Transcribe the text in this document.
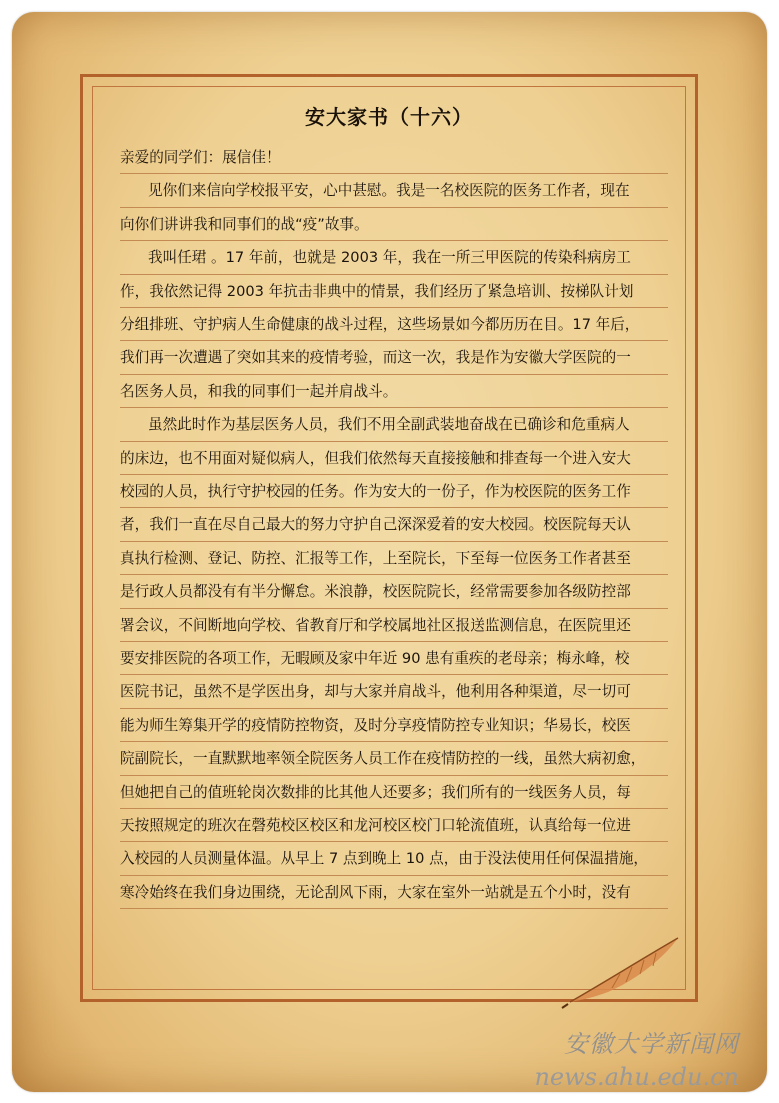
安大家书（十六）
亲爱的同学们：展信佳！
见你们来信向学校报平安，心中甚慰。我是一名校医院的医务工作者，现在
向你们讲讲我和同事们的战“疫”故事。
我叫任珺 。17 年前，也就是 2003 年，我在一所三甲医院的传染科病房工
作，我依然记得 2003 年抗击非典中的情景，我们经历了紧急培训、按梯队计划
分组排班、守护病人生命健康的战斗过程，这些场景如今都历历在目。17 年后，
我们再一次遭遇了突如其来的疫情考验，而这一次，我是作为安徽大学医院的一
名医务人员，和我的同事们一起并肩战斗。
虽然此时作为基层医务人员，我们不用全副武装地奋战在已确诊和危重病人
的床边，也不用面对疑似病人，但我们依然每天直接接触和排查每一个进入安大
校园的人员，执行守护校园的任务。作为安大的一份子，作为校医院的医务工作
者，我们一直在尽自己最大的努力守护自己深深爱着的安大校园。校医院每天认
真执行检测、登记、防控、汇报等工作，上至院长，下至每一位医务工作者甚至
是行政人员都没有有半分懈怠。米浪静，校医院院长，经常需要参加各级防控部
署会议，不间断地向学校、省教育厅和学校属地社区报送监测信息，在医院里还
要安排医院的各项工作，无暇顾及家中年近 90 患有重疾的老母亲；梅永峰，校
医院书记，虽然不是学医出身，却与大家并肩战斗，他利用各种渠道，尽一切可
能为师生筹集开学的疫情防控物资，及时分享疫情防控专业知识；华易长，校医
院副院长，一直默默地率领全院医务人员工作在疫情防控的一线，虽然大病初愈，
但她把自己的值班轮岗次数排的比其他人还要多；我们所有的一线医务人员，每
天按照规定的班次在磬苑校区校区和龙河校区校门口轮流值班，认真给每一位进
入校园的人员测量体温。从早上 7 点到晚上 10 点，由于没法使用任何保温措施，
寒冷始终在我们身边围绕，无论刮风下雨，大家在室外一站就是五个小时，没有
安徽大学新闻网
news.ahu.edu.cn
